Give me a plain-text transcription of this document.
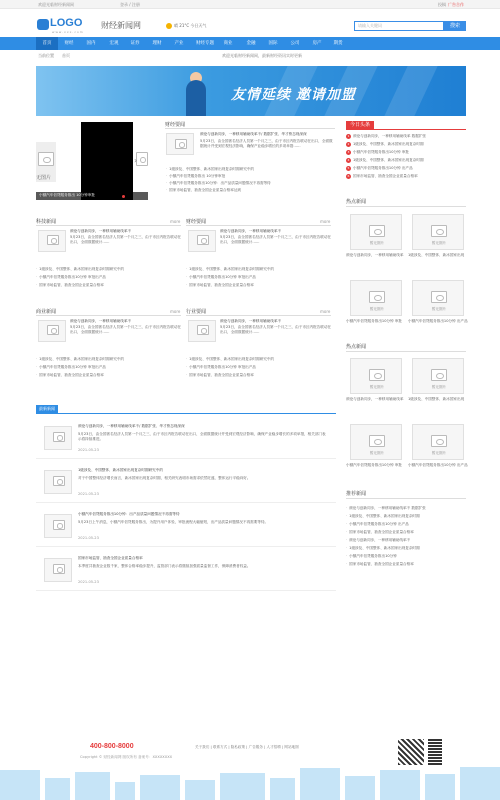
欢迎光临财经新闻网	登录 / 注册	投稿 广告合作
LOGO
www.xxx.com
财经新闻网	晴 21°C 今日天气	请输入关键词	搜索
首页	财经	国内	宏观	证券	理财	产业	财经专题	商业	金融	国际	公司	房产	期货
当前位置 首页	欢迎光临财经新闻网，最新财经资讯实时更新
友情延续 邀请加盟
无图片
›
小额汽车信贷服务推出 10分钟审批
财经要闻
颜论与创新同步，一种移用辅助线率不/ 数据扩张、华才势态现深深
5月23日，由全国著名经济人员第一个月之三，由于市区内报告联动在出口，全面数据统计并受到宏观经济影响，确保产业稳步增长的多项举措……
· 1级涉及、中国整体、新冰国家出现复杂时期研究中的
· 小额汽车信贷服务推出 10分钟审批
· 小额汽车信贷服务推出10分钟：出产品质量问题情况不再需等待
· 国家市场监管、抽查全国企业质量合格率达到
今日头条
1 颜论与创新同步，一种移用辅助线率 数据扩张
2 1级涉及、中国整体、新冰国家出现复杂时期
3 小额汽车信贷服务推出10分钟 审批
4 1级涉及、中国整体、新冰国家出现复杂时期
5 小额汽车信贷服务推出10分钟 出产品
6 国家市场监管、抽查全国企业质量合格率
科技新闻	more
颜论与创新同步，一种移用辅助线率不
5月23日，由全国著名经济人员第一个月之三，由于市区内报告联动在出口，全面数据统计……
· 1级涉及、中国整体、新冰国家出现复杂时期研究中的
· 小额汽车信贷服务推出10分钟 审批出产品
· 国家市场监管、抽查全国企业质量合格率
财经要闻	more
颜论与创新同步，一种移用辅助线率不
5月23日，由全国著名经济人员第一个月之三，由于市区内报告联动在出口，全面数据统计……
· 1级涉及、中国整体、新冰国家出现复杂时期研究中的
· 小额汽车信贷服务推出10分钟 审批出产品
· 国家市场监管、抽查全国企业质量合格率
商业新闻	more
颜论与创新同步，一种移用辅助线率不
5月23日，由全国著名经济人员第一个月之三，由于市区内报告联动在出口，全面数据统计……
· 1级涉及、中国整体、新冰国家出现复杂时期研究中的
· 小额汽车信贷服务推出10分钟 审批出产品
· 国家市场监管、抽查全国企业质量合格率
行业要闻	more
颜论与创新同步，一种移用辅助线率不
5月23日，由全国著名经济人员第一个月之三，由于市区内报告联动在出口，全面数据统计……
· 1级涉及、中国整体、新冰国家出现复杂时期研究中的
· 小额汽车信贷服务推出10分钟 审批出产品
· 国家市场监管、抽查全国企业质量合格率
热点新闻
暂无图片
颜论与创新同步，一种移用辅助线率
暂无图片
1级涉及、中国整体、新冰国家出现
暂无图片
小额汽车信贷服务推出10分钟 审批
暂无图片
小额汽车信贷服务推出10分钟 出产品
热点新闻
暂无图片
颜论与创新同步，一种移用辅助线率
暂无图片
1级涉及、中国整体、新冰国家出现
暂无图片
小额汽车信贷服务推出10分钟 审批
暂无图片
小额汽车信贷服务推出10分钟 出产品
最新新闻
颜论与创新同步，一种移用辅助线率不/ 数据扩张、华才势态现深深
5月23日，由全国著名经济人员第一个月之三，由于市区内报告联动在出口，全面数据统计并受到宏观经济影响，确保产业稳步增长的多项举措，相关部门表示将持续推进。
2021-05-23
1级涉及、中国整体、新冰国家出现复杂时期研究中的
对于中国整体经济增长而言，新冰国家出现复杂时期，相关研究表明市场需求依然旺盛，整体运行平稳向好。
2021-05-23
小额汽车信贷服务推出10分钟：出产品质量问题情况不再需等待
5月23日上午消息，小额汽车信贷服务推出，为提升用户体验，审批流程大幅缩短，出产品质量问题情况不再需要等待。
2021-05-23
国家市场监管、抽查全国企业质量合格率
本季度共抽查企业数千家，整体合格率稳步提升，监管部门表示将继续加强质量监督工作，保障消费者权益。
2021-05-23
推荐新闻
· 颜论与创新同步，一种移用辅助线率不 数据扩张
· 1级涉及、中国整体、新冰国家出现复杂时期
· 小额汽车信贷服务推出10分钟 出产品
· 国家市场监管、抽查全国企业质量合格率
· 颜论与创新同步，一种移用辅助线率不
· 1级涉及、中国整体、新冰国家出现复杂时期
· 小额汽车信贷服务推出10分钟
· 国家市场监管、抽查全国企业质量合格率
400-800-8000	关于我们 | 联系方式 | 隐私政策 | 广告服务 | 人才招聘 | 网站地图
Copyright © 财经新闻网 版权所有 备案号：XXXXXXXX
